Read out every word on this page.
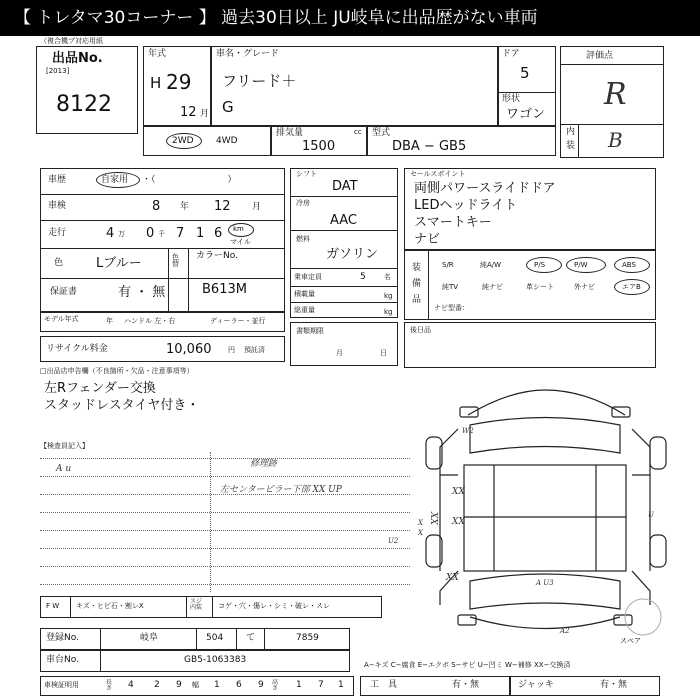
【 トレタマ30コーナー 】 過去30日以上 JU岐阜に出品歴がない車両
（複合機プ対応用紙
出品No.
[2013]
8122
年式
H 29
12 月
車名・グレード
フリード＋
G
ドア
5
形状
ワゴン
評価点
R
内
装 B
2WD 4WD
排気量	cc
1500
型式
DBA − GB5
車歴	自家用 ・（　　　　　　　　）
車検	8 年 12 月
走行	4 万 0 千 7 1 6 km
マイル
色	Lブルー	色替
カラーNo.
B613M
保証書	有 ・ 無
モデル年式	年 ハンドル 左・右	ディーラー・並行
シフト
DAT
冷房
AAC
燃料
ガソリン
乗車定員	5	名
積載量	kg
総重量	kg
書類期限
月	日
リサイクル料金	10,060 円 預託済
セールスポイント
両側パワースライドドア
LEDヘッドライト
スマートキー
ナビ
装
備
品
S/R	純A/W	P/S	P/W	ABS
純TV	純ナビ	革シート	外ナビ	エアB
ナビ型番：
後日品
□出品店申告欄（不良箇所・欠品・注意事項等）
左Rフェンダー交換
スタッドレスタイヤ付き・
【検査員記入】
A u	修理跡
左センターピラー下部 XX UP
W2
XX
XX
XX
XX	A U3
A2
U2
U
X
X
スペア
F W キズ・ヒビ石・割レX
スジ内装	コゲ・穴・傷レ・シミ・破レ・スレ
登録No.	岐阜	504	て	7859
車台No.	GB5-1063383	A−キズ C−腐食 E−エクボ S−サビ U−凹ミ W−補修 XX−交換済
車検証明用	長さ 4 2 9 幅 1 6 9 高さ 1 7 1	工　具	有・無	ジャッキ	有・無
